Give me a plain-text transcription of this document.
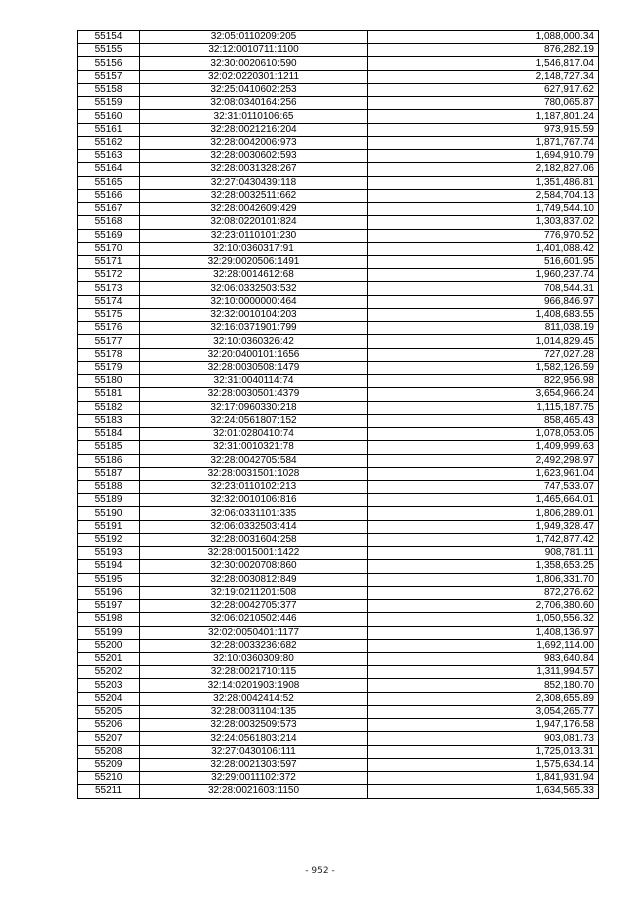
55154	32:05:0110209:205	1,088,000.34
55155	32:12:0010711:1100	876,282.19
55156	32:30:0020610:590	1,546,817.04
55157	32:02:0220301:1211	2,148,727.34
55158	32:25:0410602:253	627,917.62
55159	32:08:0340164:256	780,065.87
55160	32:31:0110106:65	1,187,801.24
55161	32:28:0021216:204	973,915.59
55162	32:28:0042006:973	1,871,767.74
55163	32:28:0030602:593	1,694,910.79
55164	32:28:0031328:267	2,182,827.06
55165	32:27:0430439:118	1,351,486.81
55166	32:28:0032511:662	2,584,704.13
55167	32:28:0042609:429	1,749,544.10
55168	32:08:0220101:824	1,303,837.02
55169	32:23:0110101:230	776,970.52
55170	32:10:0360317:91	1,401,088.42
55171	32:29:0020506:1491	516,601.95
55172	32:28:0014612:68	1,960,237.74
55173	32:06:0332503:532	708,544.31
55174	32:10:0000000:464	966,846.97
55175	32:32:0010104:203	1,408,683.55
55176	32:16:0371901:799	811,038.19
55177	32:10:0360326:42	1,014,829.45
55178	32:20:0400101:1656	727,027.28
55179	32:28:0030508:1479	1,582,126.59
55180	32:31:0040114:74	822,956.98
55181	32:28:0030501:4379	3,654,966.24
55182	32:17:0960330:218	1,115,187.75
55183	32:24:0561807:152	858,465.43
55184	32:01:0280410:74	1,078,053.05
55185	32:31:0010321:78	1,409,999.63
55186	32:28:0042705:584	2,492,298.97
55187	32:28:0031501:1028	1,623,961.04
55188	32:23:0110102:213	747,533.07
55189	32:32:0010106:816	1,465,664.01
55190	32:06:0331101:335	1,806,289.01
55191	32:06:0332503:414	1,949,328.47
55192	32:28:0031604:258	1,742,877.42
55193	32:28:0015001:1422	908,781.11
55194	32:30:0020708:860	1,358,653.25
55195	32:28:0030812:849	1,806,331.70
55196	32:19:0211201:508	872,276.62
55197	32:28:0042705:377	2,706,380.60
55198	32:06:0210502:446	1,050,556.32
55199	32:02:0050401:1177	1,408,136.97
55200	32:28:0033236:682	1,692,114.00
55201	32:10:0360309:80	983,640.84
55202	32:28:0021710:115	1,311,994.57
55203	32:14:0201903:1908	852,180.70
55204	32:28:0042414:52	2,308,655.89
55205	32:28:0031104:135	3,054,265.77
55206	32:28:0032509:573	1,947,176.58
55207	32:24:0561803:214	903,081.73
55208	32:27:0430106:111	1,725,013.31
55209	32:28:0021303:597	1,575,634.14
55210	32:29:0011102:372	1,841,931.94
55211	32:28:0021603:1150	1,634,565.33
- 952 -
